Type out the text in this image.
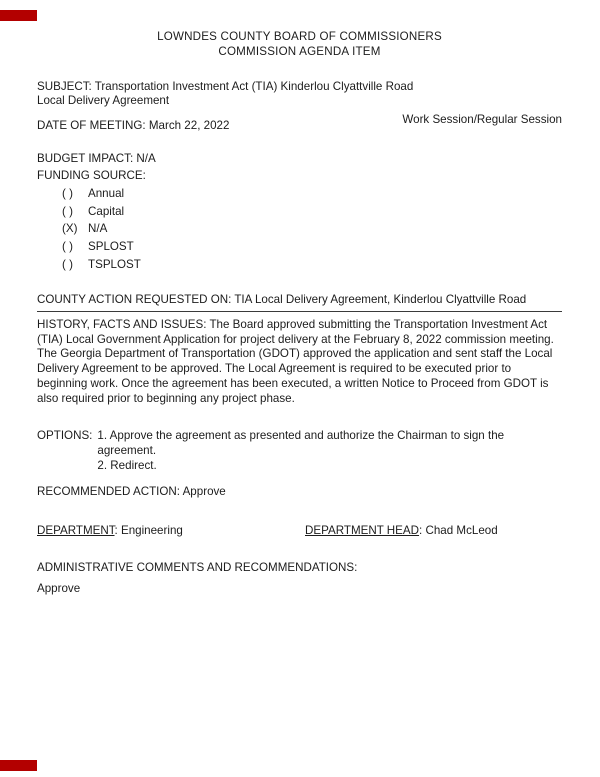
LOWNDES COUNTY BOARD OF COMMISSIONERS
COMMISSION AGENDA ITEM
SUBJECT: Transportation Investment Act (TIA) Kinderlou Clyattville Road Local Delivery Agreement
DATE OF MEETING: March 22, 2022	Work Session/Regular Session
BUDGET IMPACT: N/A
FUNDING SOURCE:
( )	Annual
( )	Capital
(X) N/A
( )	SPLOST
( )	TSPLOST
COUNTY ACTION REQUESTED ON: TIA Local Delivery Agreement, Kinderlou Clyattville Road
HISTORY, FACTS AND ISSUES: The Board approved submitting the Transportation Investment Act (TIA) Local Government Application for project delivery at the February 8, 2022 commission meeting. The Georgia Department of Transportation (GDOT) approved the application and sent staff the Local Delivery Agreement to be approved. The Local Agreement is required to be executed prior to beginning work. Once the agreement has been executed, a written Notice to Proceed from GDOT is also required prior to beginning any project phase.
OPTIONS: 1. Approve the agreement as presented and authorize the Chairman to sign the agreement.
2. Redirect.
RECOMMENDED ACTION: Approve
DEPARTMENT: Engineering	DEPARTMENT HEAD: Chad McLeod
ADMINISTRATIVE COMMENTS AND RECOMMENDATIONS:
Approve
